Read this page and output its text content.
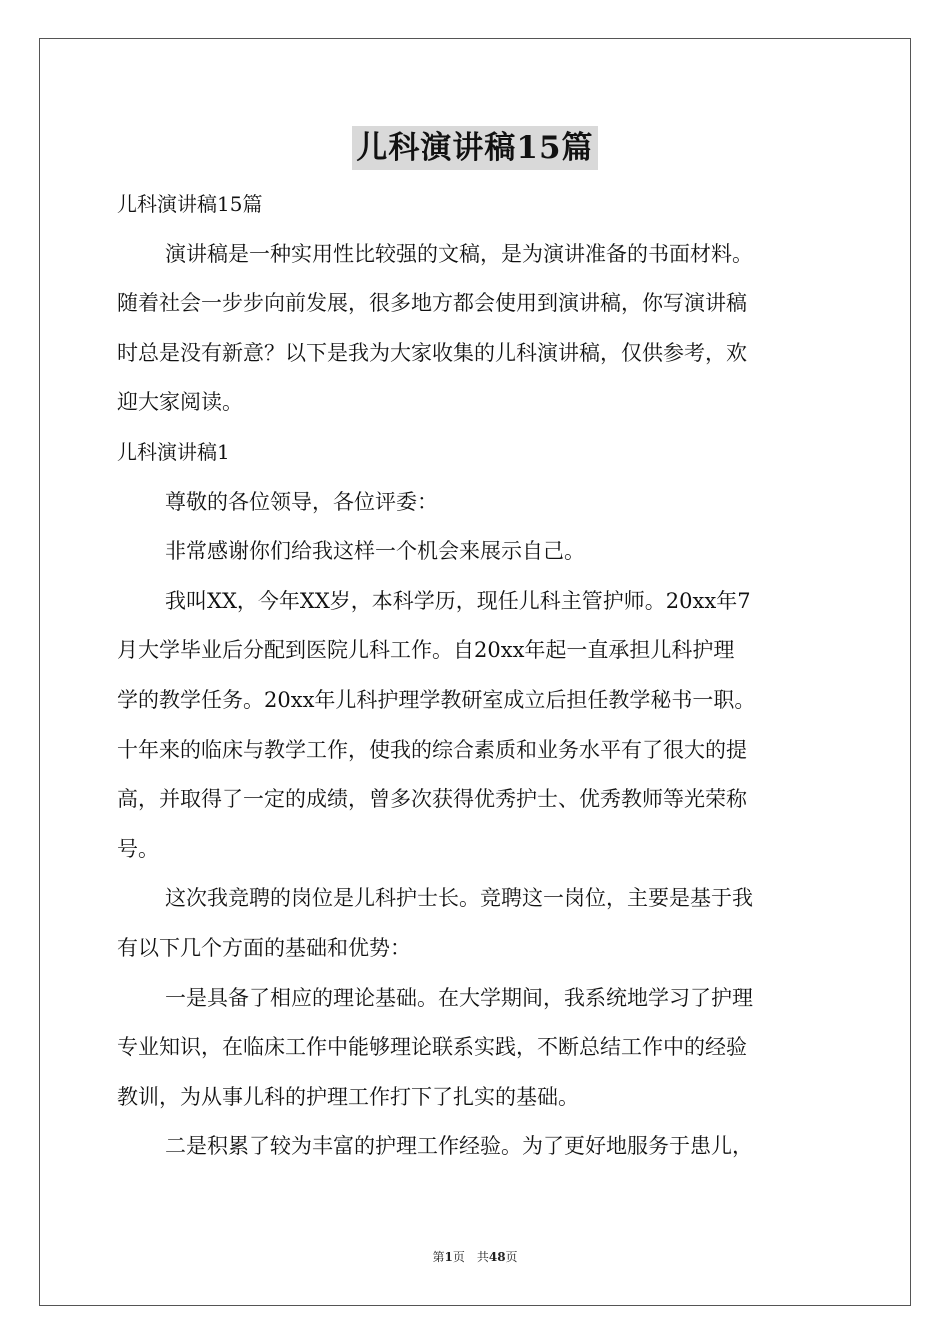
儿科演讲稿15篇
儿科演讲稿15篇
演讲稿是一种实用性比较强的文稿，是为演讲准备的书面材料。
随着社会一步步向前发展，很多地方都会使用到演讲稿，你写演讲稿
时总是没有新意？以下是我为大家收集的儿科演讲稿，仅供参考，欢
迎大家阅读。
儿科演讲稿1
尊敬的各位领导，各位评委：
非常感谢你们给我这样一个机会来展示自己。
我叫XX，今年XX岁，本科学历，现任儿科主管护师。20xx年7
月大学毕业后分配到医院儿科工作。自20xx年起一直承担儿科护理
学的教学任务。20xx年儿科护理学教研室成立后担任教学秘书一职。
十年来的临床与教学工作，使我的综合素质和业务水平有了很大的提
高，并取得了一定的成绩，曾多次获得优秀护士、优秀教师等光荣称
号。
这次我竞聘的岗位是儿科护士长。竞聘这一岗位，主要是基于我
有以下几个方面的基础和优势：
一是具备了相应的理论基础。在大学期间，我系统地学习了护理
专业知识，在临床工作中能够理论联系实践，不断总结工作中的经验
教训，为从事儿科的护理工作打下了扎实的基础。
二是积累了较为丰富的护理工作经验。为了更好地服务于患儿，
第1页 共48页
